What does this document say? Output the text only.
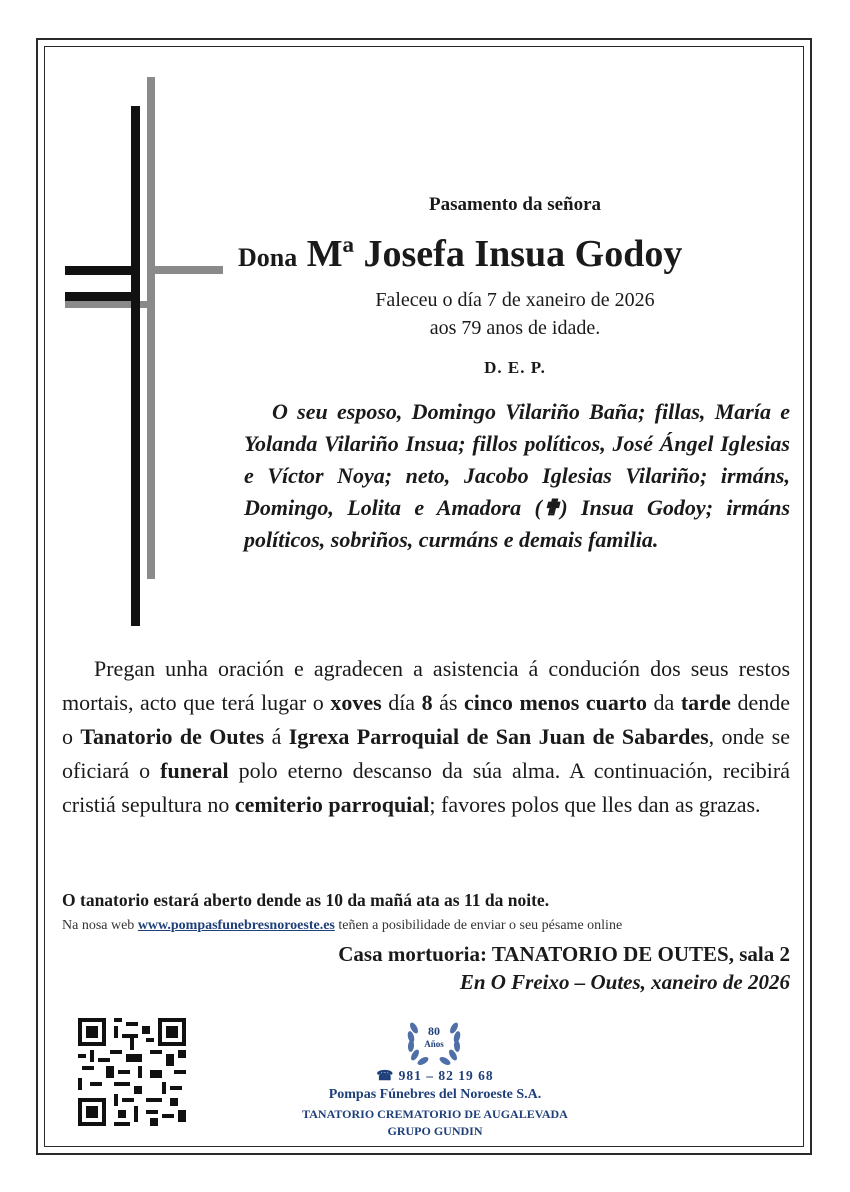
Pasamento da señora
Dona Mª Josefa Insua Godoy
Faleceu o día 7 de xaneiro de 2026
aos 79 anos de idade.
D. E. P.

O seu esposo, Domingo Vilariño Baña; fillas, María e Yolanda Vilariño Insua; fillos políticos, José Ángel Iglesias e Víctor Noya; neto, Jacobo Iglesias Vilariño; irmáns, Domingo, Lolita e Amadora (✟) Insua Godoy; irmáns políticos, sobriños, curmáns e demais familia.

Pregan unha oración e agradecen a asistencia á condución dos seus restos mortais, acto que terá lugar o xoves día 8 ás cinco menos cuarto da tarde dende o Tanatorio de Outes á Igrexa Parroquial de San Juan de Sabardes, onde se oficiará o funeral polo eterno descanso da súa alma. A continuación, recibirá cristiá sepultura no cemiterio parroquial; favores polos que lles dan as grazas.

O tanatorio estará aberto dende as 10 da mañá ata as 11 da noite.
Na nosa web www.pompasfunebresnoroeste.es teñen a posibilidade de enviar o seu pésame online
Casa mortuoria: TANATORIO DE OUTES, sala 2
En O Freixo – Outes, xaneiro de 2026
80
Años
☎ 981 – 82 19 68
Pompas Fúnebres del Noroeste S.A.
TANATORIO CREMATORIO DE AUGALEVADA
GRUPO GUNDIN
